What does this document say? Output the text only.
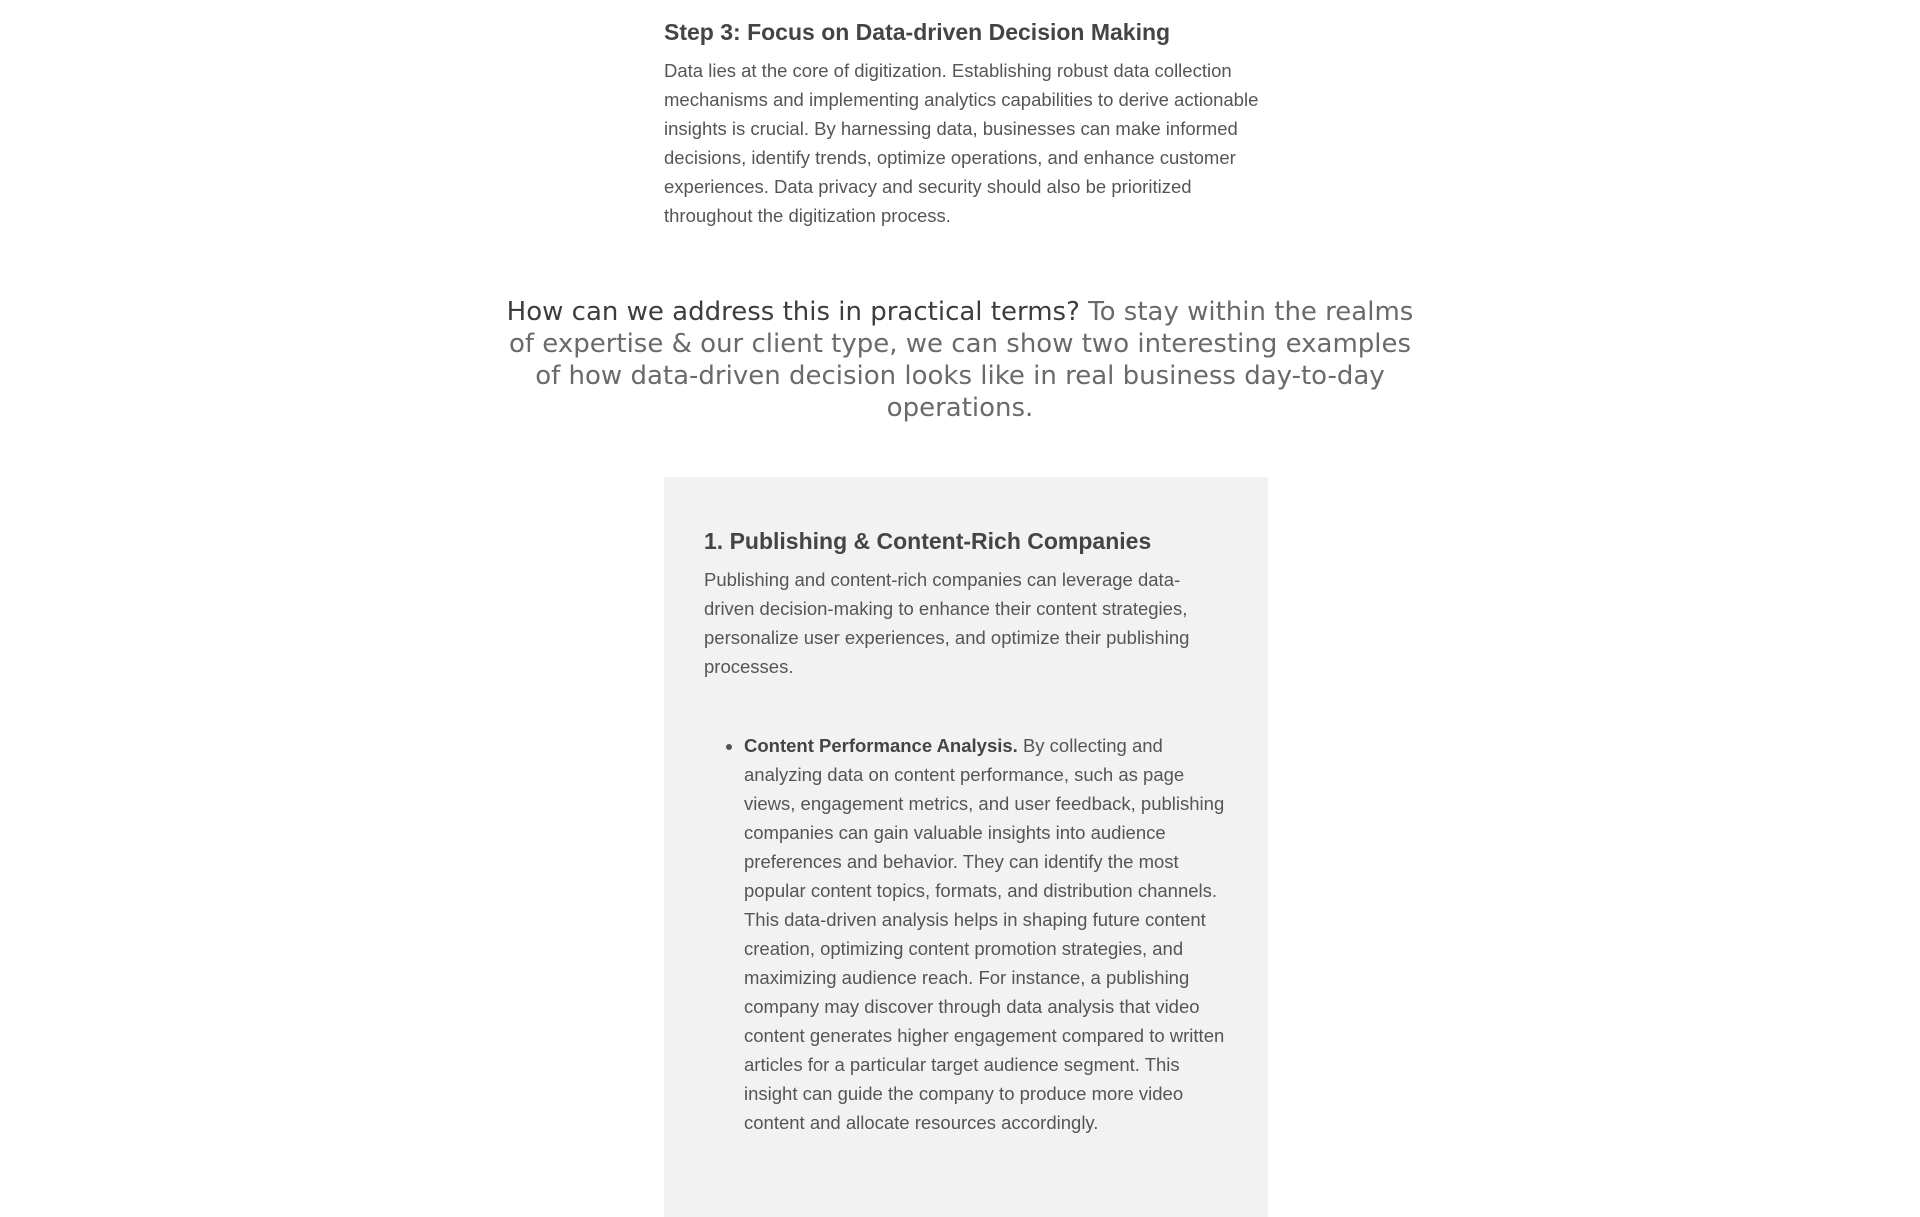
Step 3: Focus on Data-driven Decision Making

Data lies at the core of digitization. Establishing robust data collection mechanisms and implementing analytics capabilities to derive actionable insights is crucial. By harnessing data, businesses can make informed decisions, identify trends, optimize operations, and enhance customer experiences. Data privacy and security should also be prioritized throughout the digitization process.

How can we address this in practical terms? To stay within the realms of expertise & our client type, we can show two interesting examples of how data-driven decision looks like in real business day-to-day operations.
1. Publishing & Content-Rich Companies

Publishing and content-rich companies can leverage data-driven decision-making to enhance their content strategies, personalize user experiences, and optimize their publishing processes.

• Content Performance Analysis. By collecting and analyzing data on content performance, such as page views, engagement metrics, and user feedback, publishing companies can gain valuable insights into audience preferences and behavior. They can identify the most popular content topics, formats, and distribution channels. This data-driven analysis helps in shaping future content creation, optimizing content promotion strategies, and maximizing audience reach. For instance, a publishing company may discover through data analysis that video content generates higher engagement compared to written articles for a particular target audience segment. This insight can guide the company to produce more video content and allocate resources accordingly.
